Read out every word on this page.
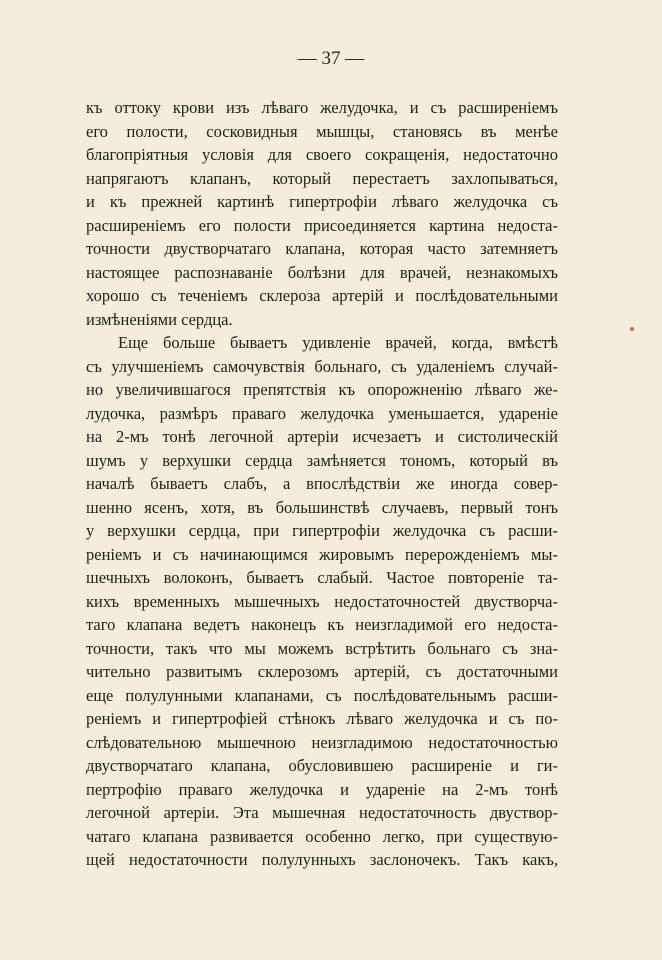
— 37 —
къ оттоку крови изъ лѣваго желудочка, и съ расширеніемъ
его полости, сосковидныя мышцы, становясь въ менѣе
благопріятныя условія для своего сокращенія, недостаточно
напрягаютъ клапанъ, который перестаетъ захлопываться,
и къ прежней картинѣ гипертрофіи лѣваго желудочка съ
расширеніемъ его полости присоединяется картина недоста-
точности двустворчатаго клапана, которая часто затемняетъ
настоящее распознаваніе болѣзни для врачей, незнакомыхъ
хорошо съ теченіемъ склероза артерій и послѣдовательными
измѣненіями сердца.
Еще больше бываетъ удивленіе врачей, когда, вмѣстѣ
съ улучшеніемъ самочувствія больнаго, съ удаленіемъ случай-
но увеличившагося препятствія къ опорожненію лѣваго же-
лудочка, размѣръ праваго желудочка уменьшается, удареніе
на 2-мъ тонѣ легочной артеріи исчезаетъ и систолическій
шумъ у верхушки сердца замѣняется тономъ, который въ
началѣ бываетъ слабъ, а впослѣдствіи же иногда совер-
шенно ясенъ, хотя, въ большинствѣ случаевъ, первый тонъ
у верхушки сердца, при гипертрофіи желудочка съ расши-
реніемъ и съ начинающимся жировымъ перерожденіемъ мы-
шечныхъ волоконъ, бываетъ слабый. Частое повтореніе та-
кихъ временныхъ мышечныхъ недостаточностей двустворча-
таго клапана ведетъ наконецъ къ неизгладимой его недоста-
точности, такъ что мы можемъ встрѣтить больнаго съ зна-
чительно развитымъ склерозомъ артерій, съ достаточными
еще полулунными клапанами, съ послѣдовательнымъ расши-
реніемъ и гипертрофіей стѣнокъ лѣваго желудочка и съ по-
слѣдовательною мышечною неизгладимою недостаточностью
двустворчатаго клапана, обусловившею расширеніе и ги-
пертрофію праваго желудочка и удареніе на 2-мъ тонѣ
легочной артеріи. Эта мышечная недостаточность двуствор-
чатаго клапана развивается особенно легко, при существую-
щей недостаточности полулунныхъ заслоночекъ. Такъ какъ,
